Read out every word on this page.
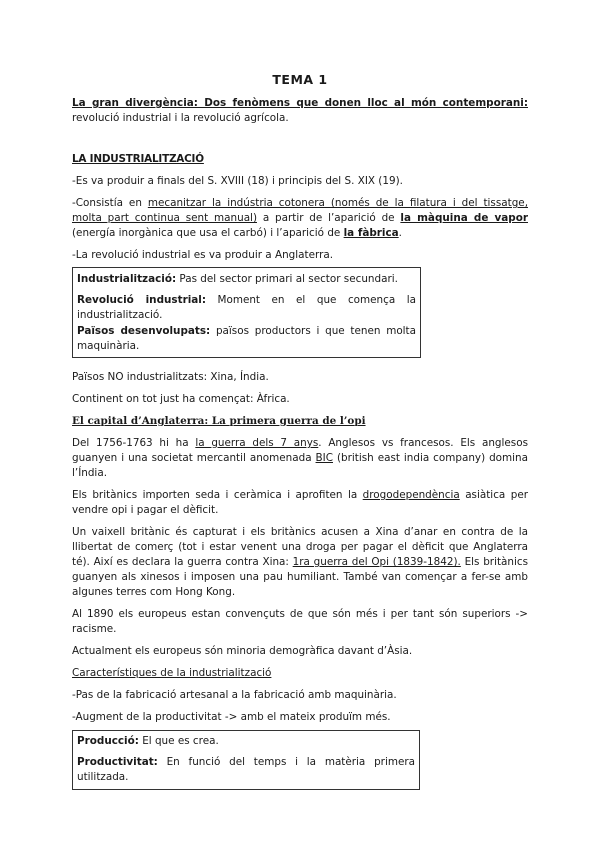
TEMA 1

La gran divergència: Dos fenòmens que donen lloc al món contemporani: revolució industrial i la revolució agrícola.

LA INDUSTRIALITZACIÓ

-Es va produir a finals del S. XVIII (18) i principis del S. XIX (19).

-Consistía en mecanitzar la indústria cotonera (només de la filatura i del tissatge, molta part continua sent manual) a partir de l’aparició de la màquina de vapor (energía inorgànica que usa el carbó) i l’aparició de la fàbrica.

-La revolució industrial es va produir a Anglaterra.

Industrialització: Pas del sector primari al sector secundari.

Revolució industrial: Moment en el que comença la industrialització.

Països desenvolupats: països productors i que tenen molta maquinària.

Països NO industrialitzats: Xina, Índia.

Continent on tot just ha començat: Àfrica.

El capital d’Anglaterra: La primera guerra de l’opi

Del 1756-1763 hi ha la guerra dels 7 anys. Anglesos vs francesos. Els anglesos guanyen i una societat mercantil anomenada BIC (british east india company) domina l’Índia.

Els britànics importen seda i ceràmica i aprofiten la drogodependència asiàtica per vendre opi i pagar el dèficit.

Un vaixell britànic és capturat i els britànics acusen a Xina d’anar en contra de la llibertat de comerç (tot i estar venent una droga per pagar el dèficit que Anglaterra té). Així es declara la guerra contra Xina: 1ra guerra del Opi (1839-1842). Els britànics guanyen als xinesos i imposen una pau humiliant. També van començar a fer-se amb algunes terres com Hong Kong.

Al 1890 els europeus estan convençuts de que són més i per tant són superiors -> racisme.

Actualment els europeus són minoria demogràfica davant d’Àsia.

Característiques de la industrialització

-Pas de la fabricació artesanal a la fabricació amb maquinària.

-Augment de la productivitat -> amb el mateix produïm més.

Producció: El que es crea.

Productivitat: En funció del temps i la matèria primera utilitzada.
